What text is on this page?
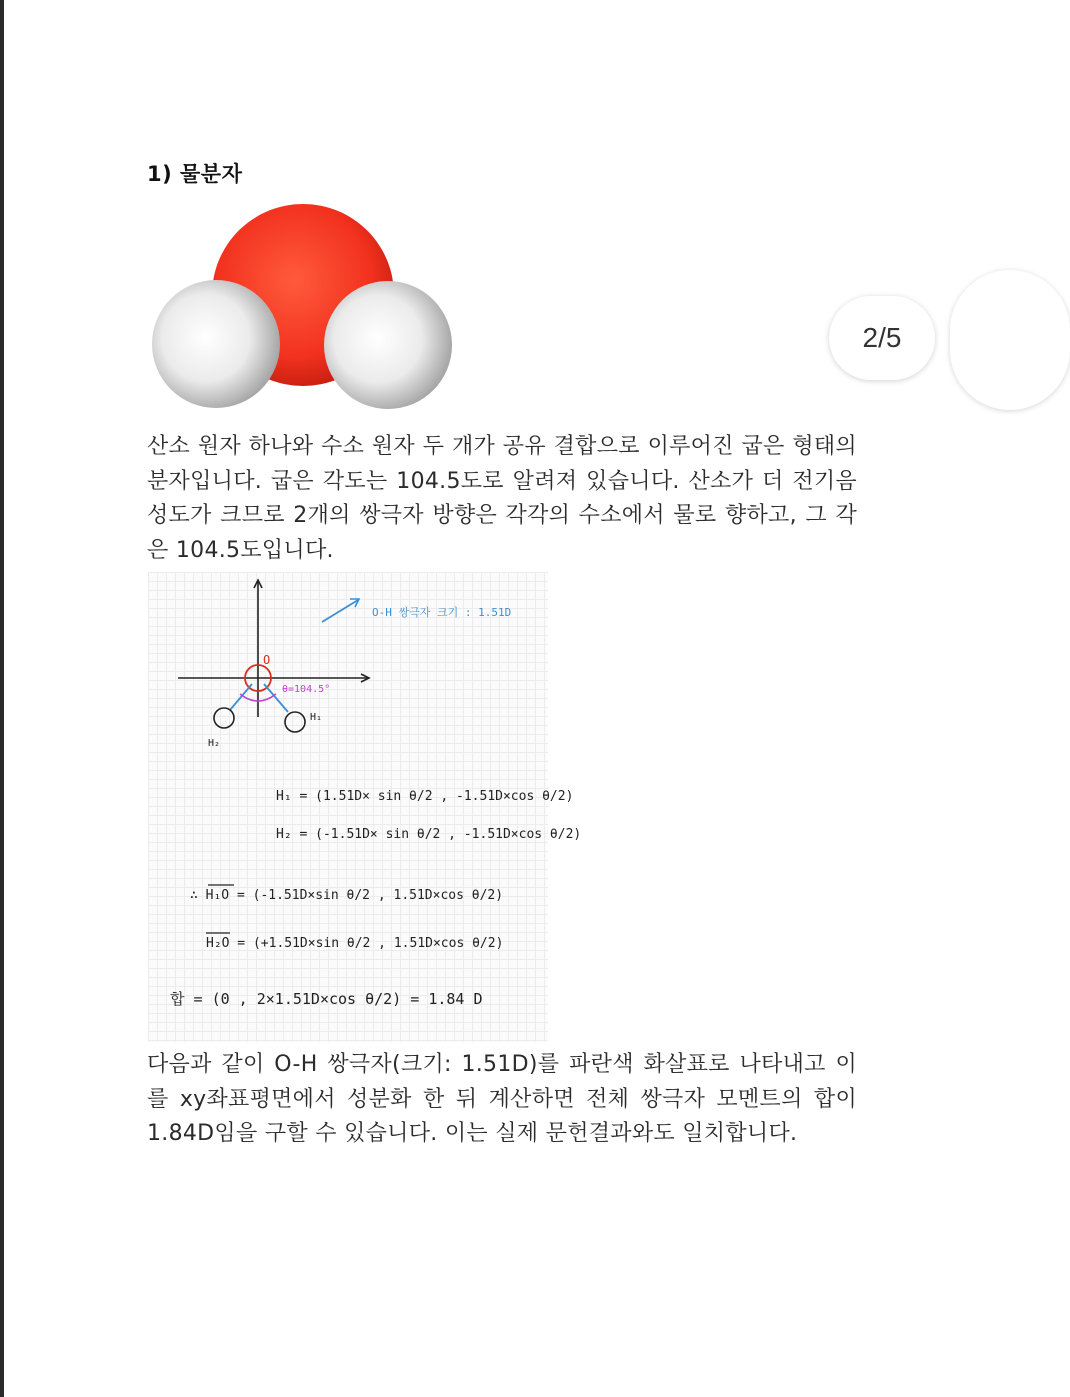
1) 물분자
2/5
산소 원자 하나와 수소 원자 두 개가 공유 결합으로 이루어진 굽은 형태의 분자입니다. 굽은 각도는 104.5도로 알려져 있습니다. 산소가 더 전기음성도가 크므로 2개의 쌍극자 방향은 각각의 수소에서 물로 향하고, 그 각은 104.5도입니다.
O
H₁
H₂
θ=104.5°
O-H 쌍극자 크기 : 1.51D
H₁ = (1.51D× sin θ/2 , -1.51D×cos θ/2)
H₂ = (-1.51D× sin θ/2 , -1.51D×cos θ/2)
∴ H₁O = (-1.51D×sin θ/2 , 1.51D×cos θ/2)
H₂O = (+1.51D×sin θ/2 , 1.51D×cos θ/2)
합 = (0 , 2×1.51D×cos θ/2) = 1.84 D
다음과 같이 O-H 쌍극자(크기: 1.51D)를 파란색 화살표로 나타내고 이를 xy좌표평면에서 성분화 한 뒤 계산하면 전체 쌍극자 모멘트의 합이 1.84D임을 구할 수 있습니다. 이는 실제 문헌결과와도 일치합니다.
